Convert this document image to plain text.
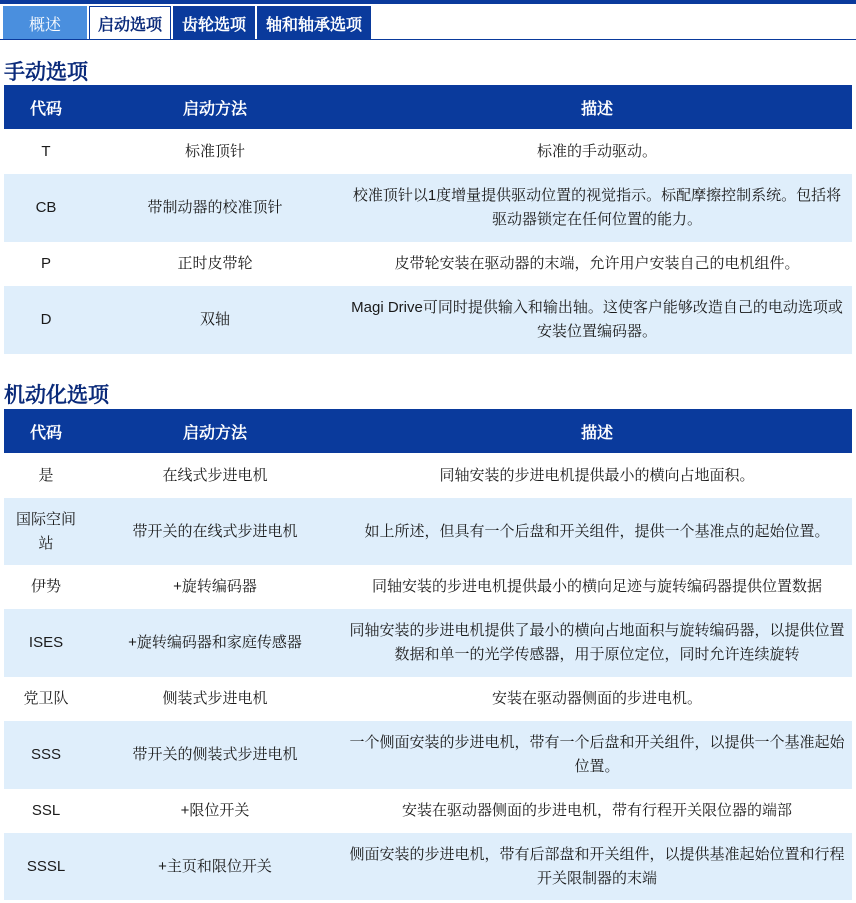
概述	启动选项	齿轮选项	轴和轴承选项
手动选项
代码	启动方法	描述
T	标准顶针	标准的手动驱动。
CB	带制动器的校准顶针	校准顶针以1度增量提供驱动位置的视觉指示。标配摩擦控制系统。包括将驱动器锁定在任何位置的能力。
P	正时皮带轮	皮带轮安装在驱动器的末端，允许用户安装自己的电机组件。
D	双轴	Magi Drive可同时提供输入和输出轴。这使客户能够改造自己的电动选项或安装位置编码器。
机动化选项
代码	启动方法	描述
是	在线式步进电机	同轴安装的步进电机提供最小的横向占地面积。
国际空间站	带开关的在线式步进电机	如上所述，但具有一个后盘和开关组件，提供一个基准点的起始位置。
伊势	+旋转编码器	同轴安装的步进电机提供最小的横向足迹与旋转编码器提供位置数据
ISES	+旋转编码器和家庭传感器	同轴安装的步进电机提供了最小的横向占地面积与旋转编码器，以提供位置数据和单一的光学传感器，用于原位定位，同时允许连续旋转
党卫队	侧装式步进电机	安装在驱动器侧面的步进电机。
SSS	带开关的侧装式步进电机	一个侧面安装的步进电机，带有一个后盘和开关组件，以提供一个基准起始位置。
SSL	+限位开关	安装在驱动器侧面的步进电机，带有行程开关限位器的端部
SSSL	+主页和限位开关	侧面安装的步进电机，带有后部盘和开关组件，以提供基准起始位置和行程开关限制器的末端
